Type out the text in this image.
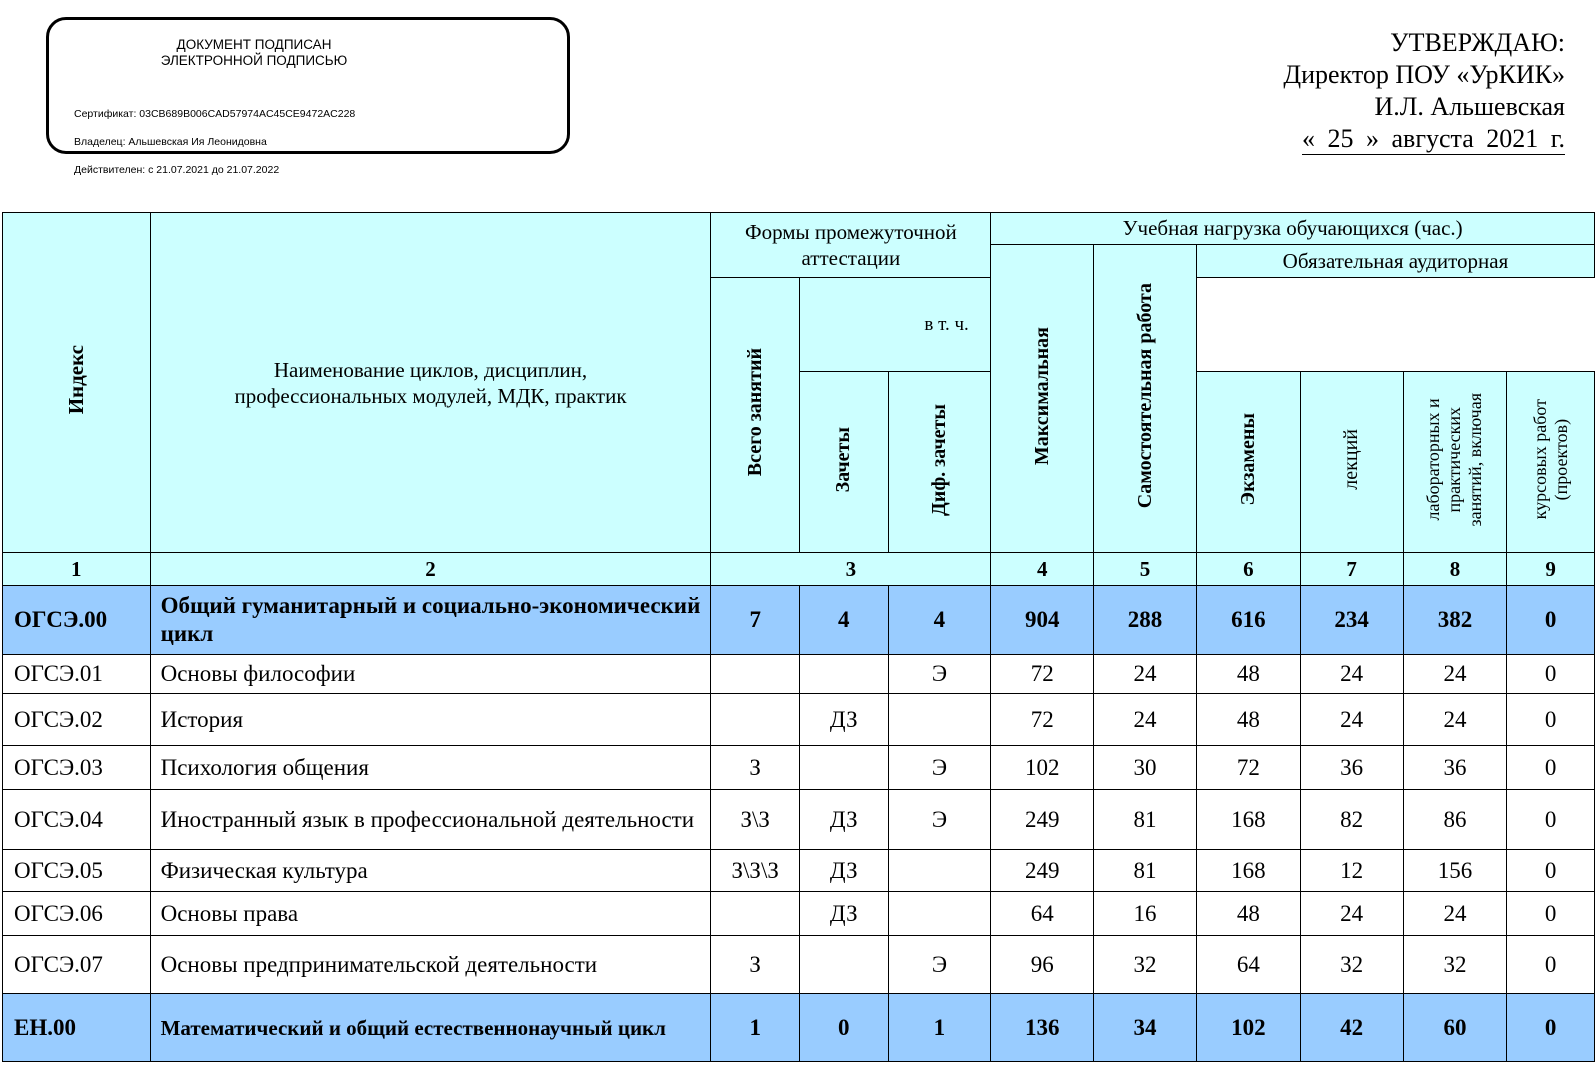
ДОКУМЕНТ ПОДПИСАН
ЭЛЕКТРОННОЙ ПОДПИСЬЮ

Сертификат: 03CB689B006CAD57974AC45CE9472AC228

Владелец: Альшевская Ия Леонидовна

Действителен: с 21.07.2021 до 21.07.2022

УТВЕРЖДАЮ:
Директор ПОУ «УрКИК»
И.Л. Альшевская
« 25 » августа 2021 г.
Индекс	Наименование циклов, дисциплин,
профессиональных модулей, МДК, практик	Формы промежуточной
аттестации			Учебная нагрузка обучающихся (час.)					
					Максимальная	Самостоятельная работа	Обязательная аудиторная			
		Всего занятий	в т. ч.							
			Зачеты	Диф. зачеты			Экзамены	лекций	лабораторных и
практических
занятий, включая	курсовых работ
(проектов)
1	2	3			4	5	6	7	8	9
ОГСЭ.00	Общий гуманитарный и социально-экономический цикл	7	4	4	904	288	616	234	382	0
ОГСЭ.01	Основы философии			Э	72	24	48	24	24	0
ОГСЭ.02	История		ДЗ		72	24	48	24	24	0
ОГСЭ.03	Психология общения	З		Э	102	30	72	36	36	0
ОГСЭ.04	Иностранный язык в профессиональной деятельности	З\З	ДЗ	Э	249	81	168	82	86	0
ОГСЭ.05	Физическая культура	З\З\З	ДЗ		249	81	168	12	156	0
ОГСЭ.06	Основы права		ДЗ		64	16	48	24	24	0
ОГСЭ.07	Основы предпринимательской деятельности	З		Э	96	32	64	32	32	0
ЕН.00	Математический и общий естественнонаучный цикл	1	0	1	136	34	102	42	60	0
